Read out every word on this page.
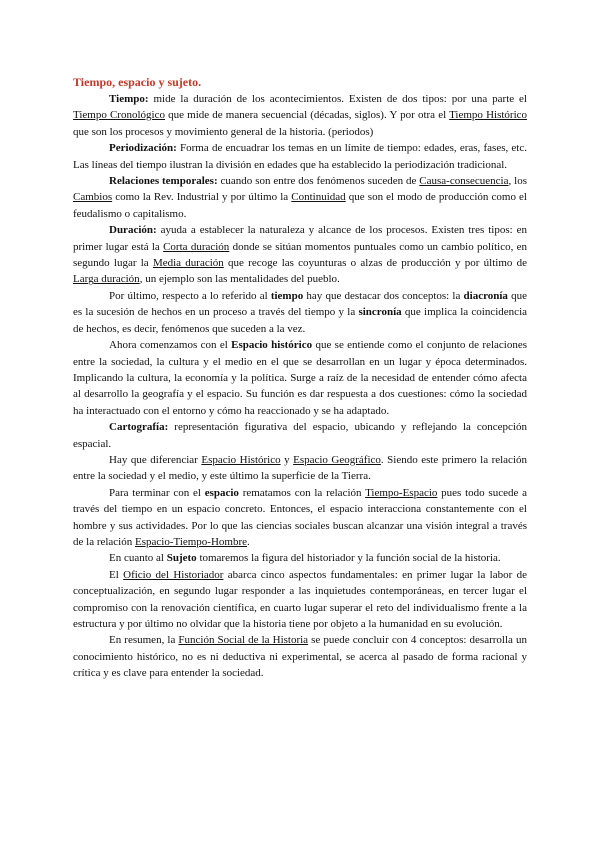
Tiempo, espacio y sujeto.

Tiempo: mide la duración de los acontecimientos. Existen de dos tipos: por una parte el Tiempo Cronológico que mide de manera secuencial (décadas, siglos). Y por otra el Tiempo Histórico que son los procesos y movimiento general de la historia. (periodos)

Periodización: Forma de encuadrar los temas en un límite de tiempo: edades, eras, fases, etc. Las líneas del tiempo ilustran la división en edades que ha establecido la periodización tradicional.

Relaciones temporales: cuando son entre dos fenómenos suceden de Causa-consecuencia, los Cambios como la Rev. Industrial y por último la Continuidad que son el modo de producción como el feudalismo o capitalismo.

Duración: ayuda a establecer la naturaleza y alcance de los procesos. Existen tres tipos: en primer lugar está la Corta duración donde se sitúan momentos puntuales como un cambio político, en segundo lugar la Media duración que recoge las coyunturas o alzas de producción y por último de Larga duración, un ejemplo son las mentalidades del pueblo.

Por último, respecto a lo referido al tiempo hay que destacar dos conceptos: la diacronía que es la sucesión de hechos en un proceso a través del tiempo y la sincronía que implica la coincidencia de hechos, es decir, fenómenos que suceden a la vez.

Ahora comenzamos con el Espacio histórico que se entiende como el conjunto de relaciones entre la sociedad, la cultura y el medio en el que se desarrollan en un lugar y época determinados. Implicando la cultura, la economía y la política. Surge a raíz de la necesidad de entender cómo afecta al desarrollo la geografía y el espacio. Su función es dar respuesta a dos cuestiones: cómo la sociedad ha interactuado con el entorno y cómo ha reaccionado y se ha adaptado.

Cartografía: representación figurativa del espacio, ubicando y reflejando la concepción espacial.

Hay que diferenciar Espacio Histórico y Espacio Geográfico. Siendo este primero la relación entre la sociedad y el medio, y este último la superficie de la Tierra.

Para terminar con el espacio rematamos con la relación Tiempo-Espacio pues todo sucede a través del tiempo en un espacio concreto. Entonces, el espacio interacciona constantemente con el hombre y sus actividades. Por lo que las ciencias sociales buscan alcanzar una visión integral a través de la relación Espacio-Tiempo-Hombre.

En cuanto al Sujeto tomaremos la figura del historiador y la función social de la historia.

El Oficio del Historiador abarca cinco aspectos fundamentales: en primer lugar la labor de conceptualización, en segundo lugar responder a las inquietudes contemporáneas, en tercer lugar el compromiso con la renovación científica, en cuarto lugar superar el reto del individualismo frente a la estructura y por último no olvidar que la historia tiene por objeto a la humanidad en su evolución.

En resumen, la Función Social de la Historia se puede concluir con 4 conceptos: desarrolla un conocimiento histórico, no es ni deductiva ni experimental, se acerca al pasado de forma racional y crítica y es clave para entender la sociedad.
